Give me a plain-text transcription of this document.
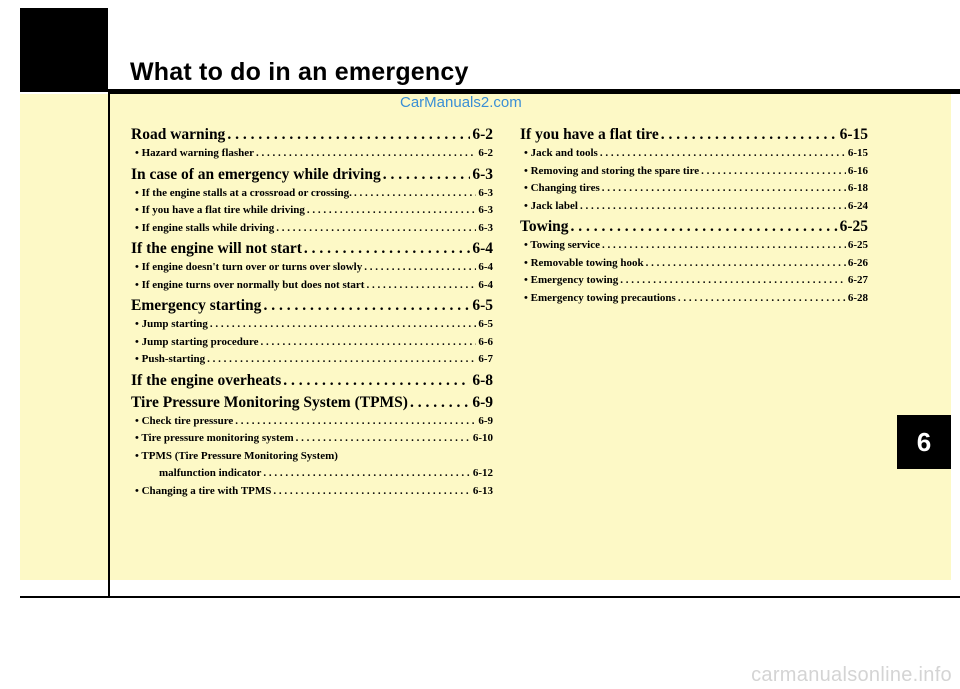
What to do in an emergency
CarManuals2.com
Road warning . . .	6-2
• Hazard warning flasher . . .	6-2
In case of an emergency while driving . . .	6-3
• If the engine stalls at a crossroad or crossing. . . .	6-3
• If you have a flat tire while driving . . .	6-3
• If engine stalls while driving . . .	6-3
If the engine will not start . . .	6-4
• If engine doesn't turn over or turns over slowly . . .	6-4
• If engine turns over normally but does not start . . .	6-4
Emergency starting . . .	6-5
• Jump starting . . .	6-5
• Jump starting procedure . . .	6-6
• Push-starting . . .	6-7
If the engine overheats . . .	6-8
Tire Pressure Monitoring System (TPMS) . . .	6-9
• Check tire pressure . . .	6-9
• Tire pressure monitoring system . . .	6-10
• TPMS (Tire Pressure Monitoring System)
malfunction indicator . . .	6-12
• Changing a tire with TPMS . . .	6-13
If you have a flat tire . . .	6-15
• Jack and tools . . .	6-15
• Removing and storing the spare tire . . .	6-16
• Changing tires . . .	6-18
• Jack label . . .	6-24
Towing . . .	6-25
• Towing service . . .	6-25
• Removable towing hook . . .	6-26
• Emergency towing . . .	6-27
• Emergency towing precautions . . .	6-28
6
carmanualsonline.info
